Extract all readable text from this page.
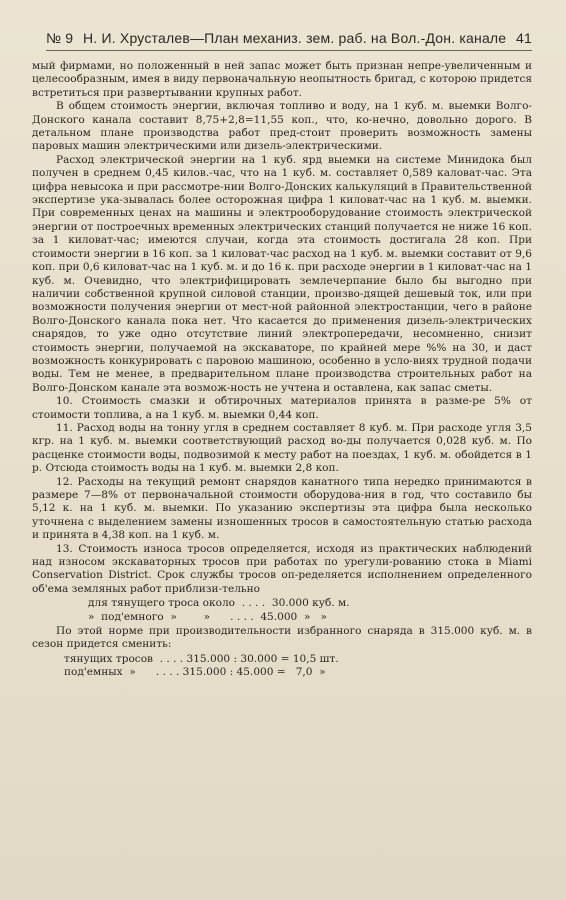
№ 9 Н. И. Хрусталев—План механиз. зем. раб. на Вол.-Дон. канале 41

мый фирмами, но положенный в ней запас может быть признан непре-увеличенным и целесообразным, имея в виду первоначальную неопытность бригад, с которою придется встретиться при развертывании крупных работ.

В общем стоимость энергии, включая топливо и воду, на 1 куб. м. выемки Волго-Донского канала составит 8,75+2,8=11,55 коп., что, ко-нечно, довольно дорого. В детальном плане производства работ пред-стоит проверить возможность замены паровых машин электрическими или дизель-электрическими.

Расход электрической энергии на 1 куб. ярд выемки на системе Минидока был получен в среднем 0,45 килов.-час, что на 1 куб. м. составляет 0,589 каловат-час. Эта цифра невысока и при рассмотре-нии Волго-Донских калькуляций в Правительственной экспертизе ука-зывалась более осторожная цифра 1 киловат-час на 1 куб. м. выемки. При современных ценах на машины и электрооборудование стоимость электрической энергии от построечных временных электрических станций получается не ниже 16 коп. за 1 киловат-час; имеются случаи, когда эта стоимость достигала 28 коп. При стоимости энергии в 16 коп. за 1 киловат-час расход на 1 куб. м. выемки составит от 9,6 коп. при 0,6 киловат-час на 1 куб. м. и до 16 к. при расходе энергии в 1 киловат-час на 1 куб. м. Очевидно, что электрифицировать землечерпание было бы выгодно при наличии собственной крупной силовой станции, произво-дящей дешевый ток, или при возможности получения энергии от мест-ной районной электростанции, чего в районе Волго-Донского канала пока нет. Что касается до применения дизель-электрических снарядов, то уже одно отсутствие линий электропередачи, несомненно, снизит стоимость энергии, получаемой на экскаваторе, по крайней мере %% на 30, и даст возможность конкурировать с паровою машиною, особенно в усло-виях трудной подачи воды. Тем не менее, в предварительном плане производства строительных работ на Волго-Донском канале эта возмож-ность не учтена и оставлена, как запас сметы.

10. Стоимость смазки и обтирочных материалов принята в разме-ре 5% от стоимости топлива, а на 1 куб. м. выемки 0,44 коп.

11. Расход воды на тонну угля в среднем составляет 8 куб. м. При расходе угля 3,5 кгр. на 1 куб. м. выемки соответствующий расход во-ды получается 0,028 куб. м. По расценке стоимости воды, подвозимой к месту работ на поездах, 1 куб. м. обойдется в 1 р. Отсюда стоимость воды на 1 куб. м. выемки 2,8 коп.

12. Расходы на текущий ремонт снарядов канатного типа нередко принимаются в размере 7—8% от первоначальной стоимости оборудова-ния в год, что составило бы 5,12 к. на 1 куб. м. выемки. По указанию экспертизы эта цифра была несколько уточнена с выделением замены изношенных тросов в самостоятельную статью расхода и принята в 4,38 коп. на 1 куб. м.

13. Стоимость износа тросов определяется, исходя из практических наблюдений над износом экскаваторных тросов при работах по урегули-рованию стока в Miami Conservation District. Срок службы тросов оп-ределяется исполнением определенного об'ема земляных работ приблизи-тельно

для тянущего троса около  . . . .  30.000 куб. м.
»  под'емного  »        »      . . . .  45.000  »   »

По этой норме при производительности избранного снаряда в 315.000 куб. м. в сезон придется сменить:

тянущих тросов  . . . . 315.000 : 30.000 = 10,5 шт.
под'емных  »      . . . . 315.000 : 45.000 =   7,0  »
